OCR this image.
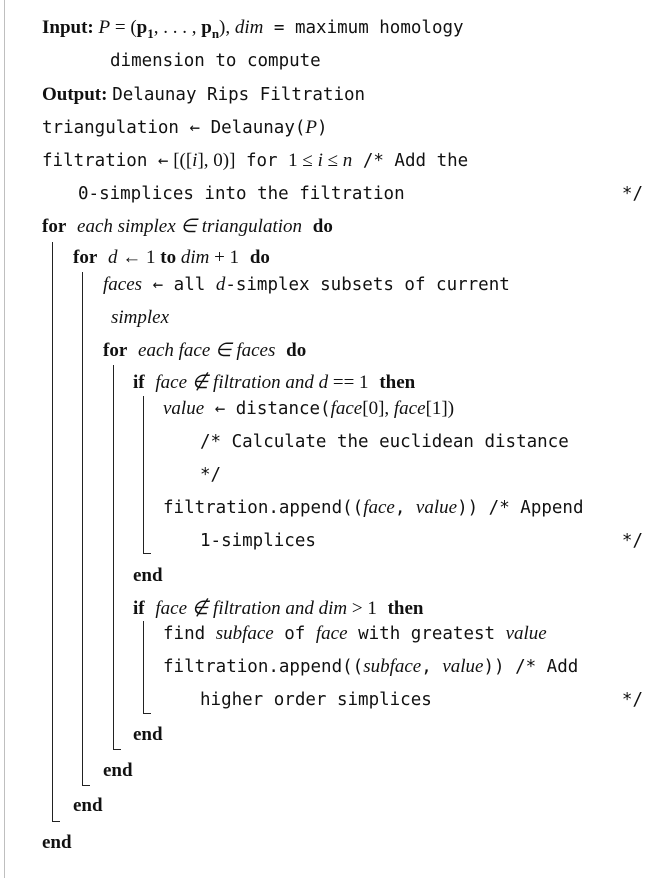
Input: $P = (p_1$, . . . , $p_n$), dim = maximum homology
dimension to compute
Output: Delaunay Rips Filtration
triangulation ← Delaunay(P)
filtration ← [([i], 0)] for 1 ≤ i ≤ n /* Add the
0-simplices into the filtration	*/
for each simplex ∈ triangulation do
for d ← 1 to dim + 1 do
faces ← all d-simplex subsets of current
simplex
for each face ∈ faces do
if face ∉ filtration and d == 1 then
value ← distance(face[0], face[1])
/* Calculate the euclidean distance
*/
filtration.append((face, value)) /* Append
1-simplices	*/
end
if face ∉ filtration and dim > 1 then
find subface of face with greatest value
filtration.append((subface, value)) /* Add
higher order simplices	*/
end
end
end
end
